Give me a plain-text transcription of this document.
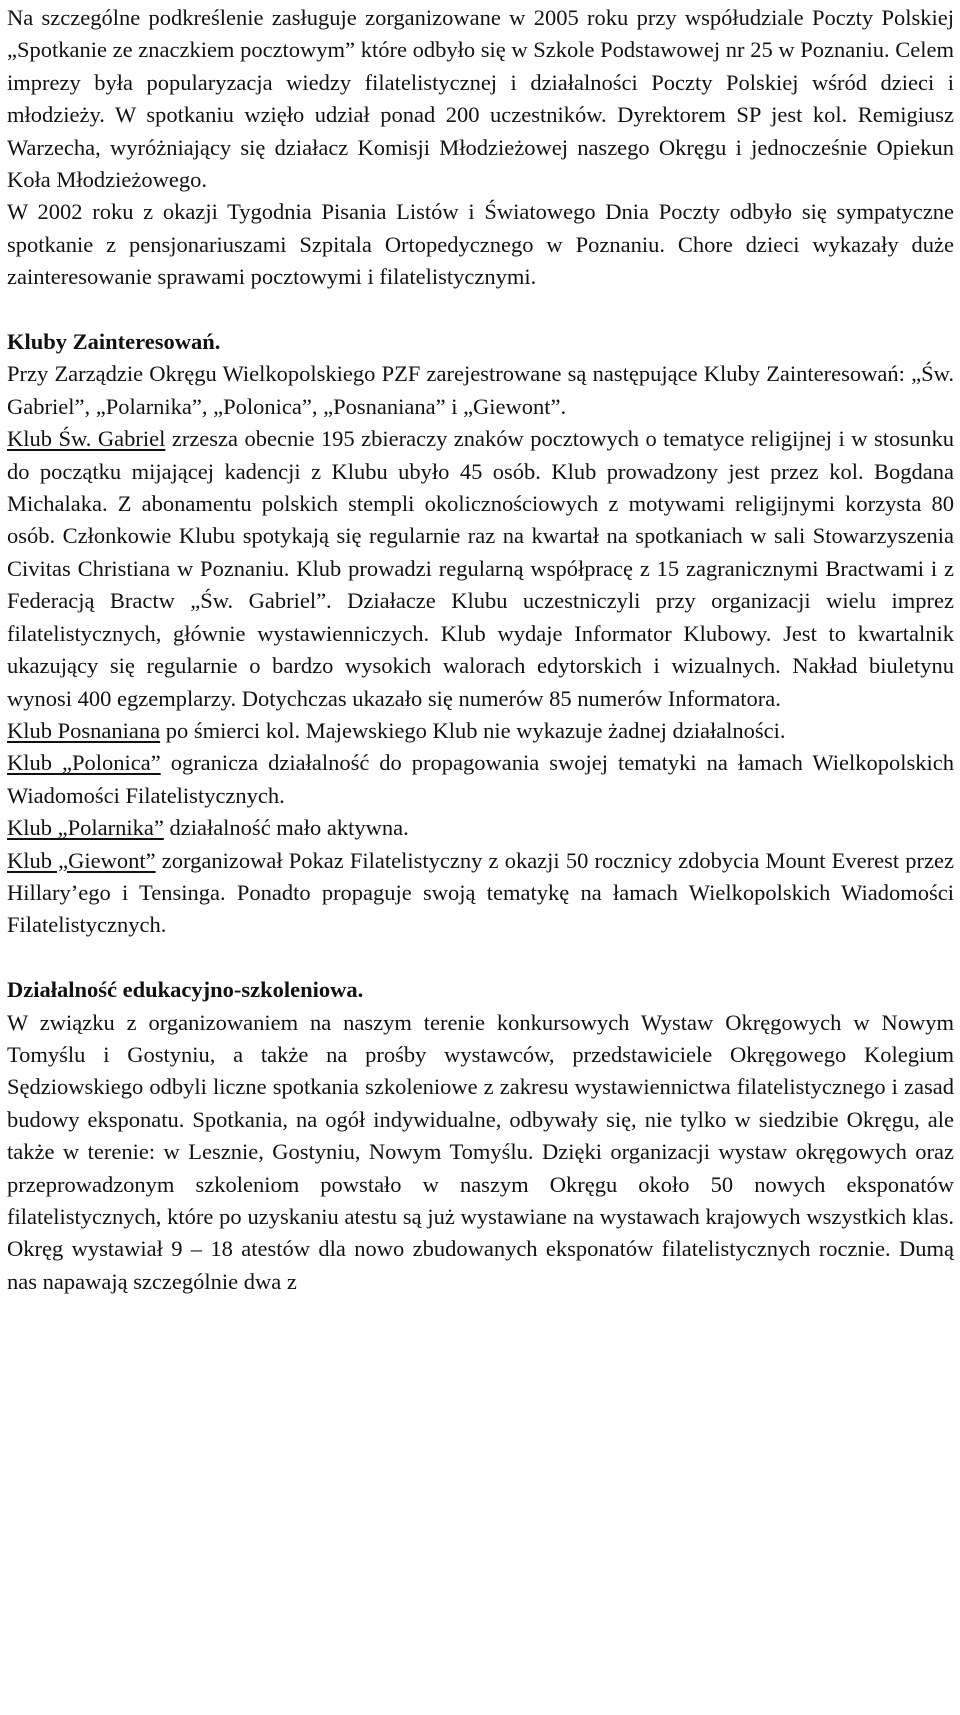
Na szczególne podkreślenie zasługuje zorganizowane w 2005 roku przy współudziale Poczty Polskiej „Spotkanie ze znaczkiem pocztowym” które odbyło się w Szkole Podstawowej nr 25 w Poznaniu. Celem imprezy była popularyzacja wiedzy filatelistycznej i działalności Poczty Polskiej wśród dzieci i młodzieży. W spotkaniu wzięło udział ponad 200 uczestników. Dyrektorem SP jest kol. Remigiusz Warzecha, wyróżniający się działacz Komisji Młodzieżowej naszego Okręgu i jednocześnie Opiekun Koła Młodzieżowego.

W 2002 roku z okazji Tygodnia Pisania Listów i Światowego Dnia Poczty odbyło się sympatyczne spotkanie z pensjonariuszami Szpitala Ortopedycznego w Poznaniu. Chore dzieci wykazały duże zainteresowanie sprawami pocztowymi i filatelistycznymi.

Kluby Zainteresowań.

Przy Zarządzie Okręgu Wielkopolskiego PZF zarejestrowane są następujące Kluby Zainteresowań: „Św. Gabriel”, „Polarnika”, „Polonica”, „Posnaniana” i „Giewont”.

Klub Św. Gabriel zrzesza obecnie 195 zbieraczy znaków pocztowych o tematyce religijnej i w stosunku do początku mijającej kadencji z Klubu ubyło 45 osób. Klub prowadzony jest przez kol. Bogdana Michalaka. Z abonamentu polskich stempli okolicznościowych z motywami religijnymi korzysta 80 osób. Członkowie Klubu spotykają się regularnie raz na kwartał na spotkaniach w sali Stowarzyszenia Civitas Christiana w Poznaniu. Klub prowadzi regularną współpracę z 15 zagranicznymi Bractwami i z Federacją Bractw „Św. Gabriel”. Działacze Klubu uczestniczyli przy organizacji wielu imprez filatelistycznych, głównie wystawienniczych. Klub wydaje Informator Klubowy. Jest to kwartalnik ukazujący się regularnie o bardzo wysokich walorach edytorskich i wizualnych. Nakład biuletynu wynosi 400 egzemplarzy. Dotychczas ukazało się numerów 85 numerów Informatora.

Klub Posnaniana po śmierci kol. Majewskiego Klub nie wykazuje żadnej działalności.

Klub „Polonica” ogranicza działalność do propagowania swojej tematyki na łamach Wielkopolskich Wiadomości Filatelistycznych.

Klub „Polarnika” działalność mało aktywna.

Klub „Giewont” zorganizował Pokaz Filatelistyczny z okazji 50 rocznicy zdobycia Mount Everest przez Hillary’ego i Tensinga. Ponadto propaguje swoją tematykę na łamach Wielkopolskich Wiadomości Filatelistycznych.

Działalność edukacyjno-szkoleniowa.

W związku z organizowaniem na naszym terenie konkursowych Wystaw Okręgowych w Nowym Tomyślu i Gostyniu, a także na prośby wystawców, przedstawiciele Okręgowego Kolegium Sędziowskiego odbyli liczne spotkania szkoleniowe z zakresu wystawiennictwa filatelistycznego i zasad budowy eksponatu. Spotkania, na ogół indywidualne, odbywały się, nie tylko w siedzibie Okręgu, ale także w terenie: w Lesznie, Gostyniu, Nowym Tomyślu. Dzięki organizacji wystaw okręgowych oraz przeprowadzonym szkoleniom powstało w naszym Okręgu około 50 nowych eksponatów filatelistycznych, które po uzyskaniu atestu są już wystawiane na wystawach krajowych wszystkich klas. Okręg wystawiał 9 – 18 atestów dla nowo zbudowanych eksponatów filatelistycznych rocznie. Dumą nas napawają szczególnie dwa z
